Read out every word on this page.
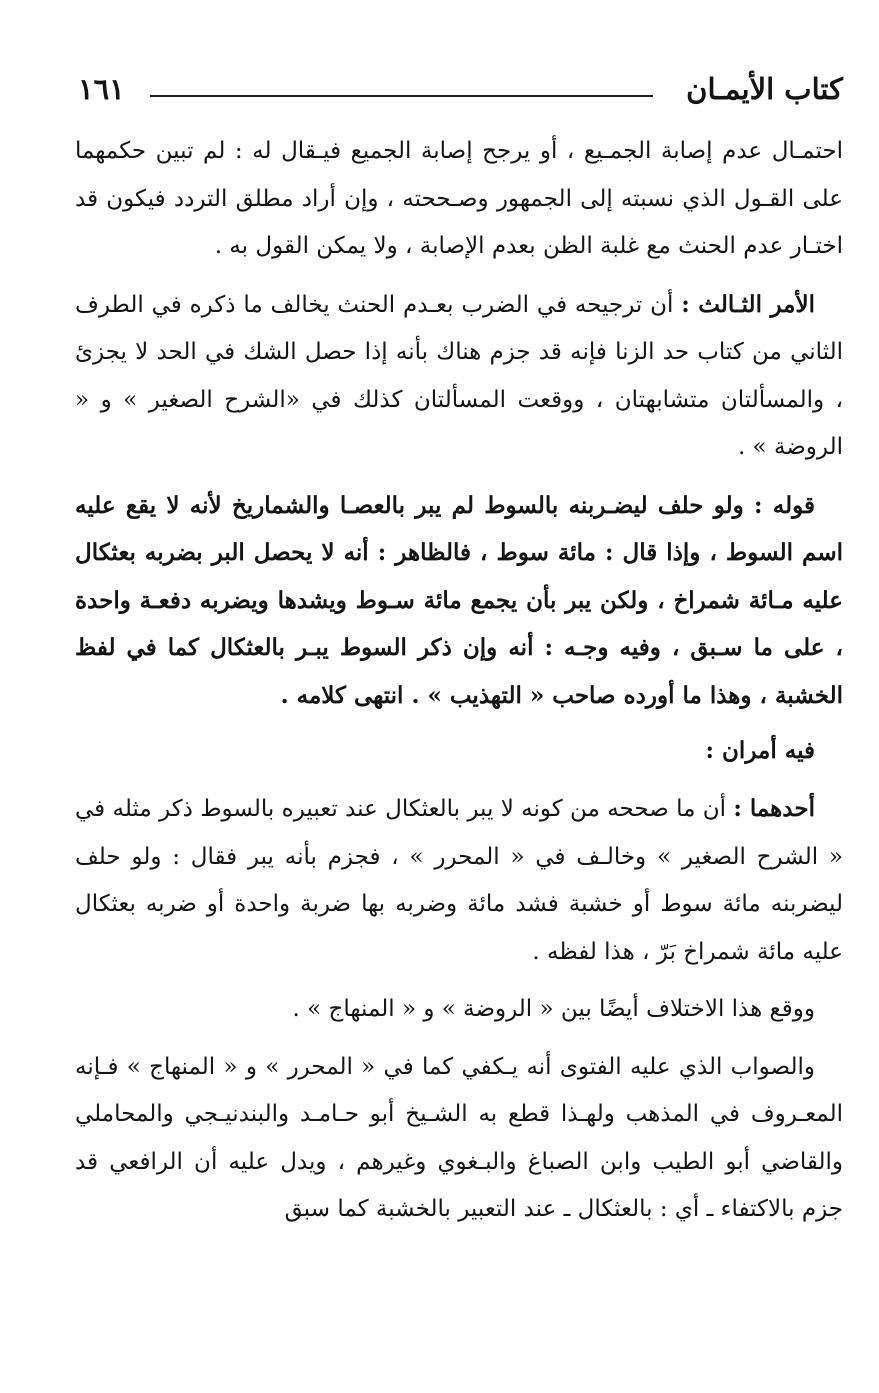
كتاب الأيمـان
١٦١

احتمـال عدم إصابة الجمـيع ، أو يرجح إصابة الجميع فيـقال له : لم تبين حكمهما على القـول الذي نسبته إلى الجمهور وصـححته ، وإن أراد مطلق التردد فيكون قد اختـار عدم الحنث مع غلبة الظن بعدم الإصابة ، ولا يمكن القول به .

الأمر الثـالث : أن ترجيحه في الضرب بعـدم الحنث يخالف ما ذكره في الطرف الثاني من كتاب حد الزنا فإنه قد جزم هناك بأنه إذا حصل الشك في الحد لا يجزئ ، والمسألتان متشابهتان ، ووقعت المسألتان كذلك في «الشرح الصغير » و « الروضة » .

قوله : ولو حلف ليضـربنه بالسوط لم يبر بالعصـا والشماريخ لأنه لا يقع عليه اسم السوط ، وإذا قال : مائة سوط ، فالظاهر : أنه لا يحصل البر بضربه بعثكال عليه مـائة شمراخ ، ولكن يبر بأن يجمع مائة سـوط ويشدها ويضربه دفعـة واحدة ، على ما سـبق ، وفيه وجـه : أنه وإن ذكر السوط يبـر بالعثكال كما في لفظ الخشبة ، وهذا ما أورده صاحب « التهذيب » . انتهى كلامه .

فيه أمران :

أحدهما : أن ما صححه من كونه لا يبر بالعثكال عند تعبيره بالسوط ذكر مثله في « الشرح الصغير » وخالـف في « المحرر » ، فجزم بأنه يبر فقال : ولو حلف ليضربنه مائة سوط أو خشبة فشد مائة وضربه بها ضربة واحدة أو ضربه بعثكال عليه مائة شمراخ بَرّ ، هذا لفظه .

ووقع هذا الاختلاف أيضًا بين « الروضة » و « المنهاج » .

والصواب الذي عليه الفتوى أنه يـكفي كما في « المحرر » و « المنهاج » فـإنه المعـروف في المذهب ولهـذا قطع به الشـيخ أبو حـامـد والبندنيـجي والمحاملي والقاضي أبو الطيب وابن الصباغ والبـغوي وغيرهم ، ويدل عليه أن الرافعي قد جزم بالاكتفاء ـ أي : بالعثكال ـ عند التعبير بالخشبة كما سبق
